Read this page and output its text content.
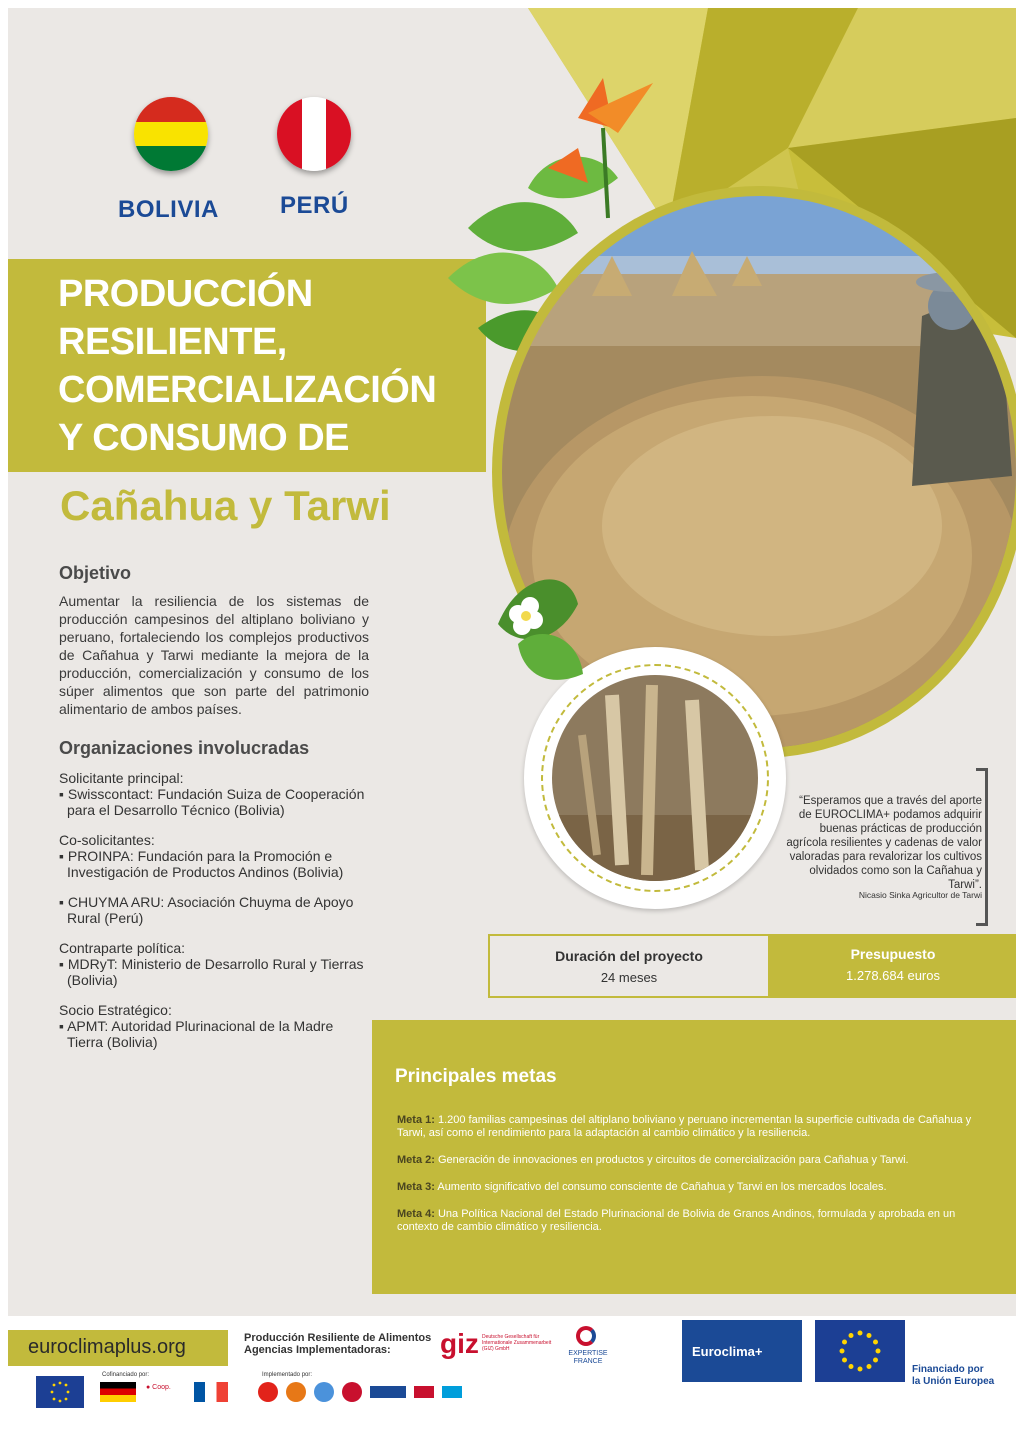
BOLIVIA	PERÚ
PRODUCCIÓN
RESILIENTE,
COMERCIALIZACIÓN
Y CONSUMO DE
Cañahua y Tarwi
Objetivo
Aumentar la resiliencia de los sistemas de producción campesinos del altiplano boliviano y peruano, fortaleciendo los complejos productivos de Cañahua y Tarwi mediante la mejora de la producción, comercialización y consumo de los súper alimentos que son parte del patrimonio alimentario de ambos países.
Organizaciones involucradas
Solicitante principal:
▪ Swisscontact: Fundación Suiza de Cooperación para el Desarrollo Técnico (Bolivia)
Co-solicitantes:
▪ PROINPA: Fundación para la Promoción e Investigación de Productos Andinos (Bolivia)
▪ CHUYMA ARU: Asociación Chuyma de Apoyo Rural (Perú)
Contraparte política:
▪ MDRyT: Ministerio de Desarrollo Rural y Tierras (Bolivia)
Socio Estratégico:
▪ APMT: Autoridad Plurinacional de la Madre Tierra (Bolivia)
“Esperamos que a través del aporte de EUROCLIMA+ podamos adquirir buenas prácticas de producción agrícola resilientes y cadenas de valor valoradas para revalorizar los cultivos olvidados como son la Cañahua y Tarwi”.
Nicasio Sinka Agricultor de Tarwi
Duración del proyecto
24 meses
Presupuesto
1.278.684 euros
Principales metas
Meta 1: 1.200 familias campesinas del altiplano boliviano y peruano incrementan la superficie cultivada de Cañahua y Tarwi, así como el rendimiento para la adaptación al cambio climático y la resiliencia.
Meta 2: Generación de innovaciones en productos y circuitos de comercialización para Cañahua y Tarwi.
Meta 3: Aumento significativo del consumo consciente de Cañahua y Tarwi en los mercados locales.
Meta 4: Una Política Nacional del Estado Plurinacional de Bolivia de Granos Andinos, formulada y aprobada en un contexto de cambio climático y resiliencia.
euroclimaplus.org	Producción Resiliente de Alimentos
Agencias Implementadoras:
Cofinanciado por:	Implementado por:
● Coop.
giz Deutsche Gesellschaft für Internationale Zusammenarbeit (GIZ) GmbH
EXPERTISE FRANCE
Euroclima+
Financiado por
la Unión Europea
